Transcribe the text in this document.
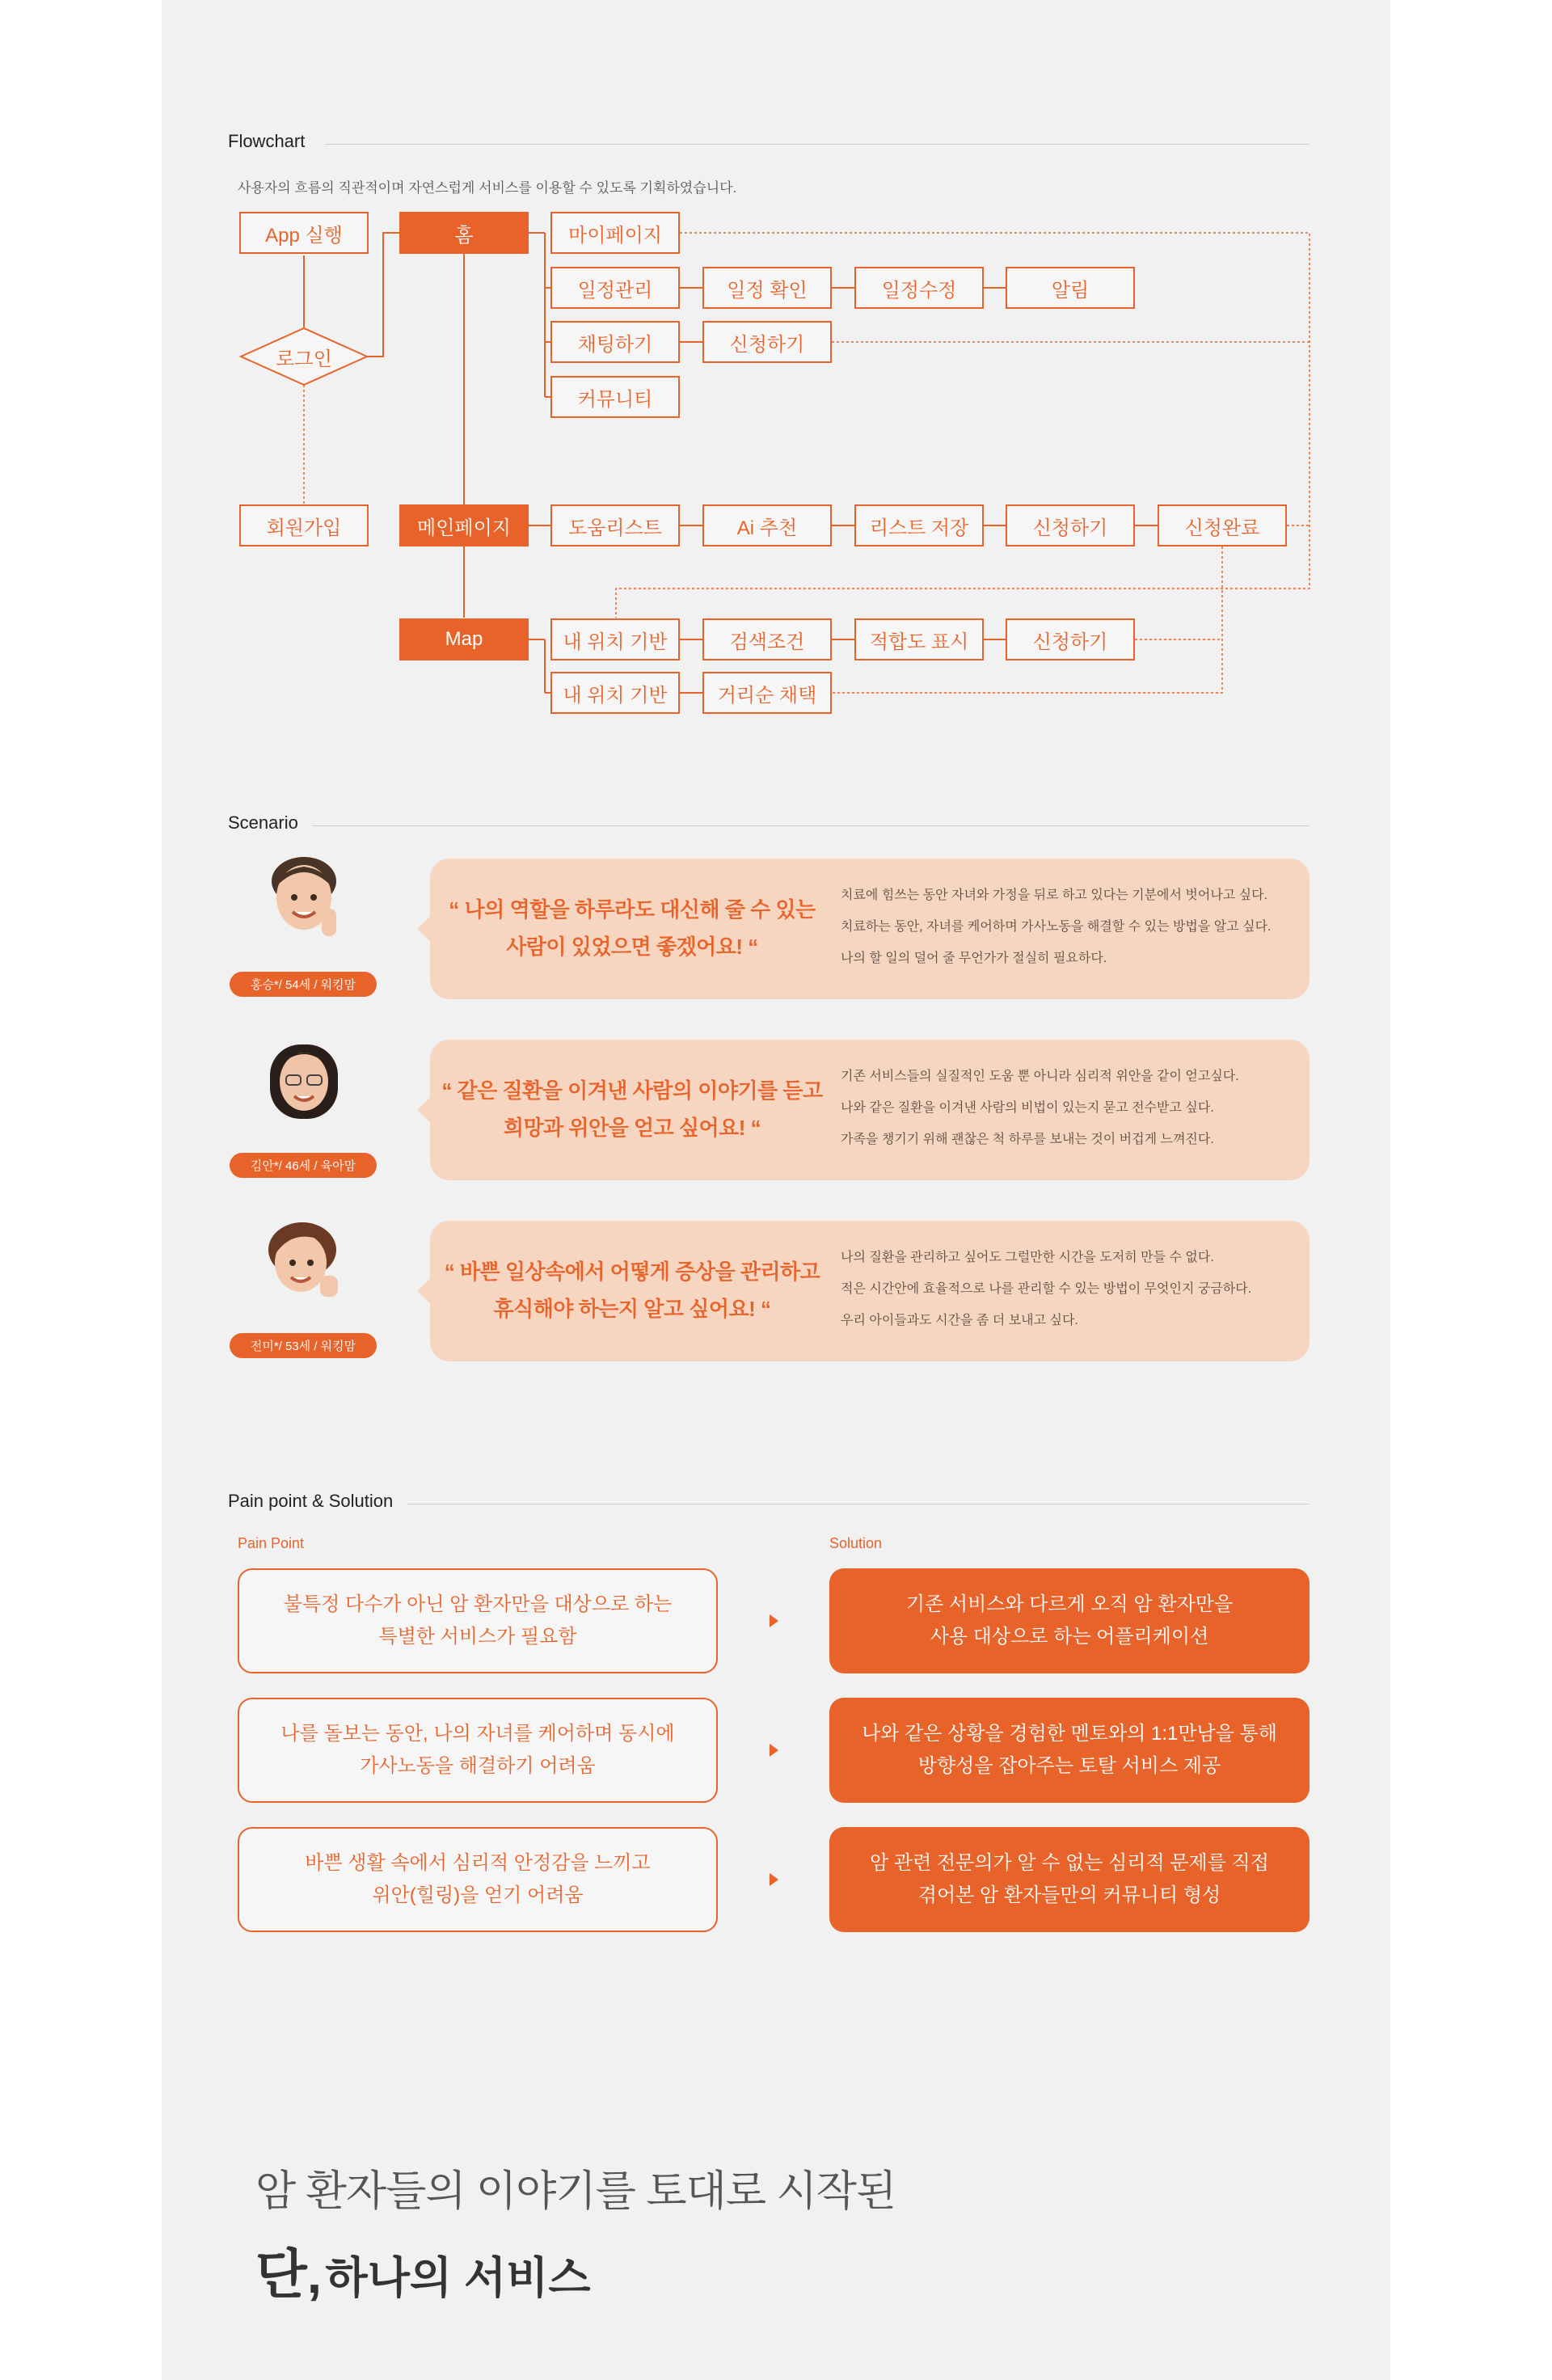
Flowchart
사용자의 흐름의 직관적이며 자연스럽게 서비스를 이용할 수 있도록 기획하였습니다.
App 실행	홈
로그인
회원가입
마이페이지
일정관리	일정 확인	일정수정	알림
채팅하기	신청하기
커뮤니티
메인페이지	도움리스트	Ai 추천	리스트 저장	신청하기	신청완료
Map	내 위치 기반	검색조건	적합도 표시	신청하기
내 위치 기반	거리순 채택
Scenario
홍승*/ 54세 / 워킹맘
“ 나의 역할을 하루라도 대신해 줄 수 있는
사람이 있었으면 좋겠어요! “
치료에 힘쓰는 동안 자녀와 가정을 뒤로 하고 있다는 기분에서 벗어나고 싶다.
치료하는 동안, 자녀를 케어하며 가사노동을 해결할 수 있는 방법을 알고 싶다.
나의 할 일의 덜어 줄 무언가가 절실히 필요하다.
김안*/ 46세 / 육아맘
“ 같은 질환을 이겨낸 사람의 이야기를 듣고
희망과 위안을 얻고 싶어요! “
기존 서비스들의 실질적인 도움 뿐 아니라 심리적 위안을 같이 얻고싶다.
나와 같은 질환을 이겨낸 사람의 비법이 있는지 묻고 전수받고 싶다.
가족을 챙기기 위해 괜찮은 척 하루를 보내는 것이 버겁게 느껴진다.
전미*/ 53세 / 워킹맘
“ 바쁜 일상속에서 어떻게 증상을 관리하고
휴식해야 하는지 알고 싶어요! “
나의 질환을 관리하고 싶어도 그럴만한 시간을 도저히 만들 수 없다.
적은 시간안에 효율적으로 나를 관리할 수 있는 방법이 무엇인지 궁금하다.
우리 아이들과도 시간을 좀 더 보내고 싶다.
Pain point & Solution
Pain Point	Solution
불특정 다수가 아닌 암 환자만을 대상으로 하는
특별한 서비스가 필요함
기존 서비스와 다르게 오직 암 환자만을
사용 대상으로 하는 어플리케이션
나를 돌보는 동안, 나의 자녀를 케어하며 동시에
가사노동을 해결하기 어려움
나와 같은 상황을 경험한 멘토와의 1:1만남을 통해
방향성을 잡아주는 토탈 서비스 제공
바쁜 생활 속에서 심리적 안정감을 느끼고
위안(힐링)을 얻기 어려움
암 관련 전문의가 알 수 없는 심리적 문제를 직접
겪어본 암 환자들만의 커뮤니티 형성
암 환자들의 이야기를 토대로 시작된
단, 하나의 서비스
